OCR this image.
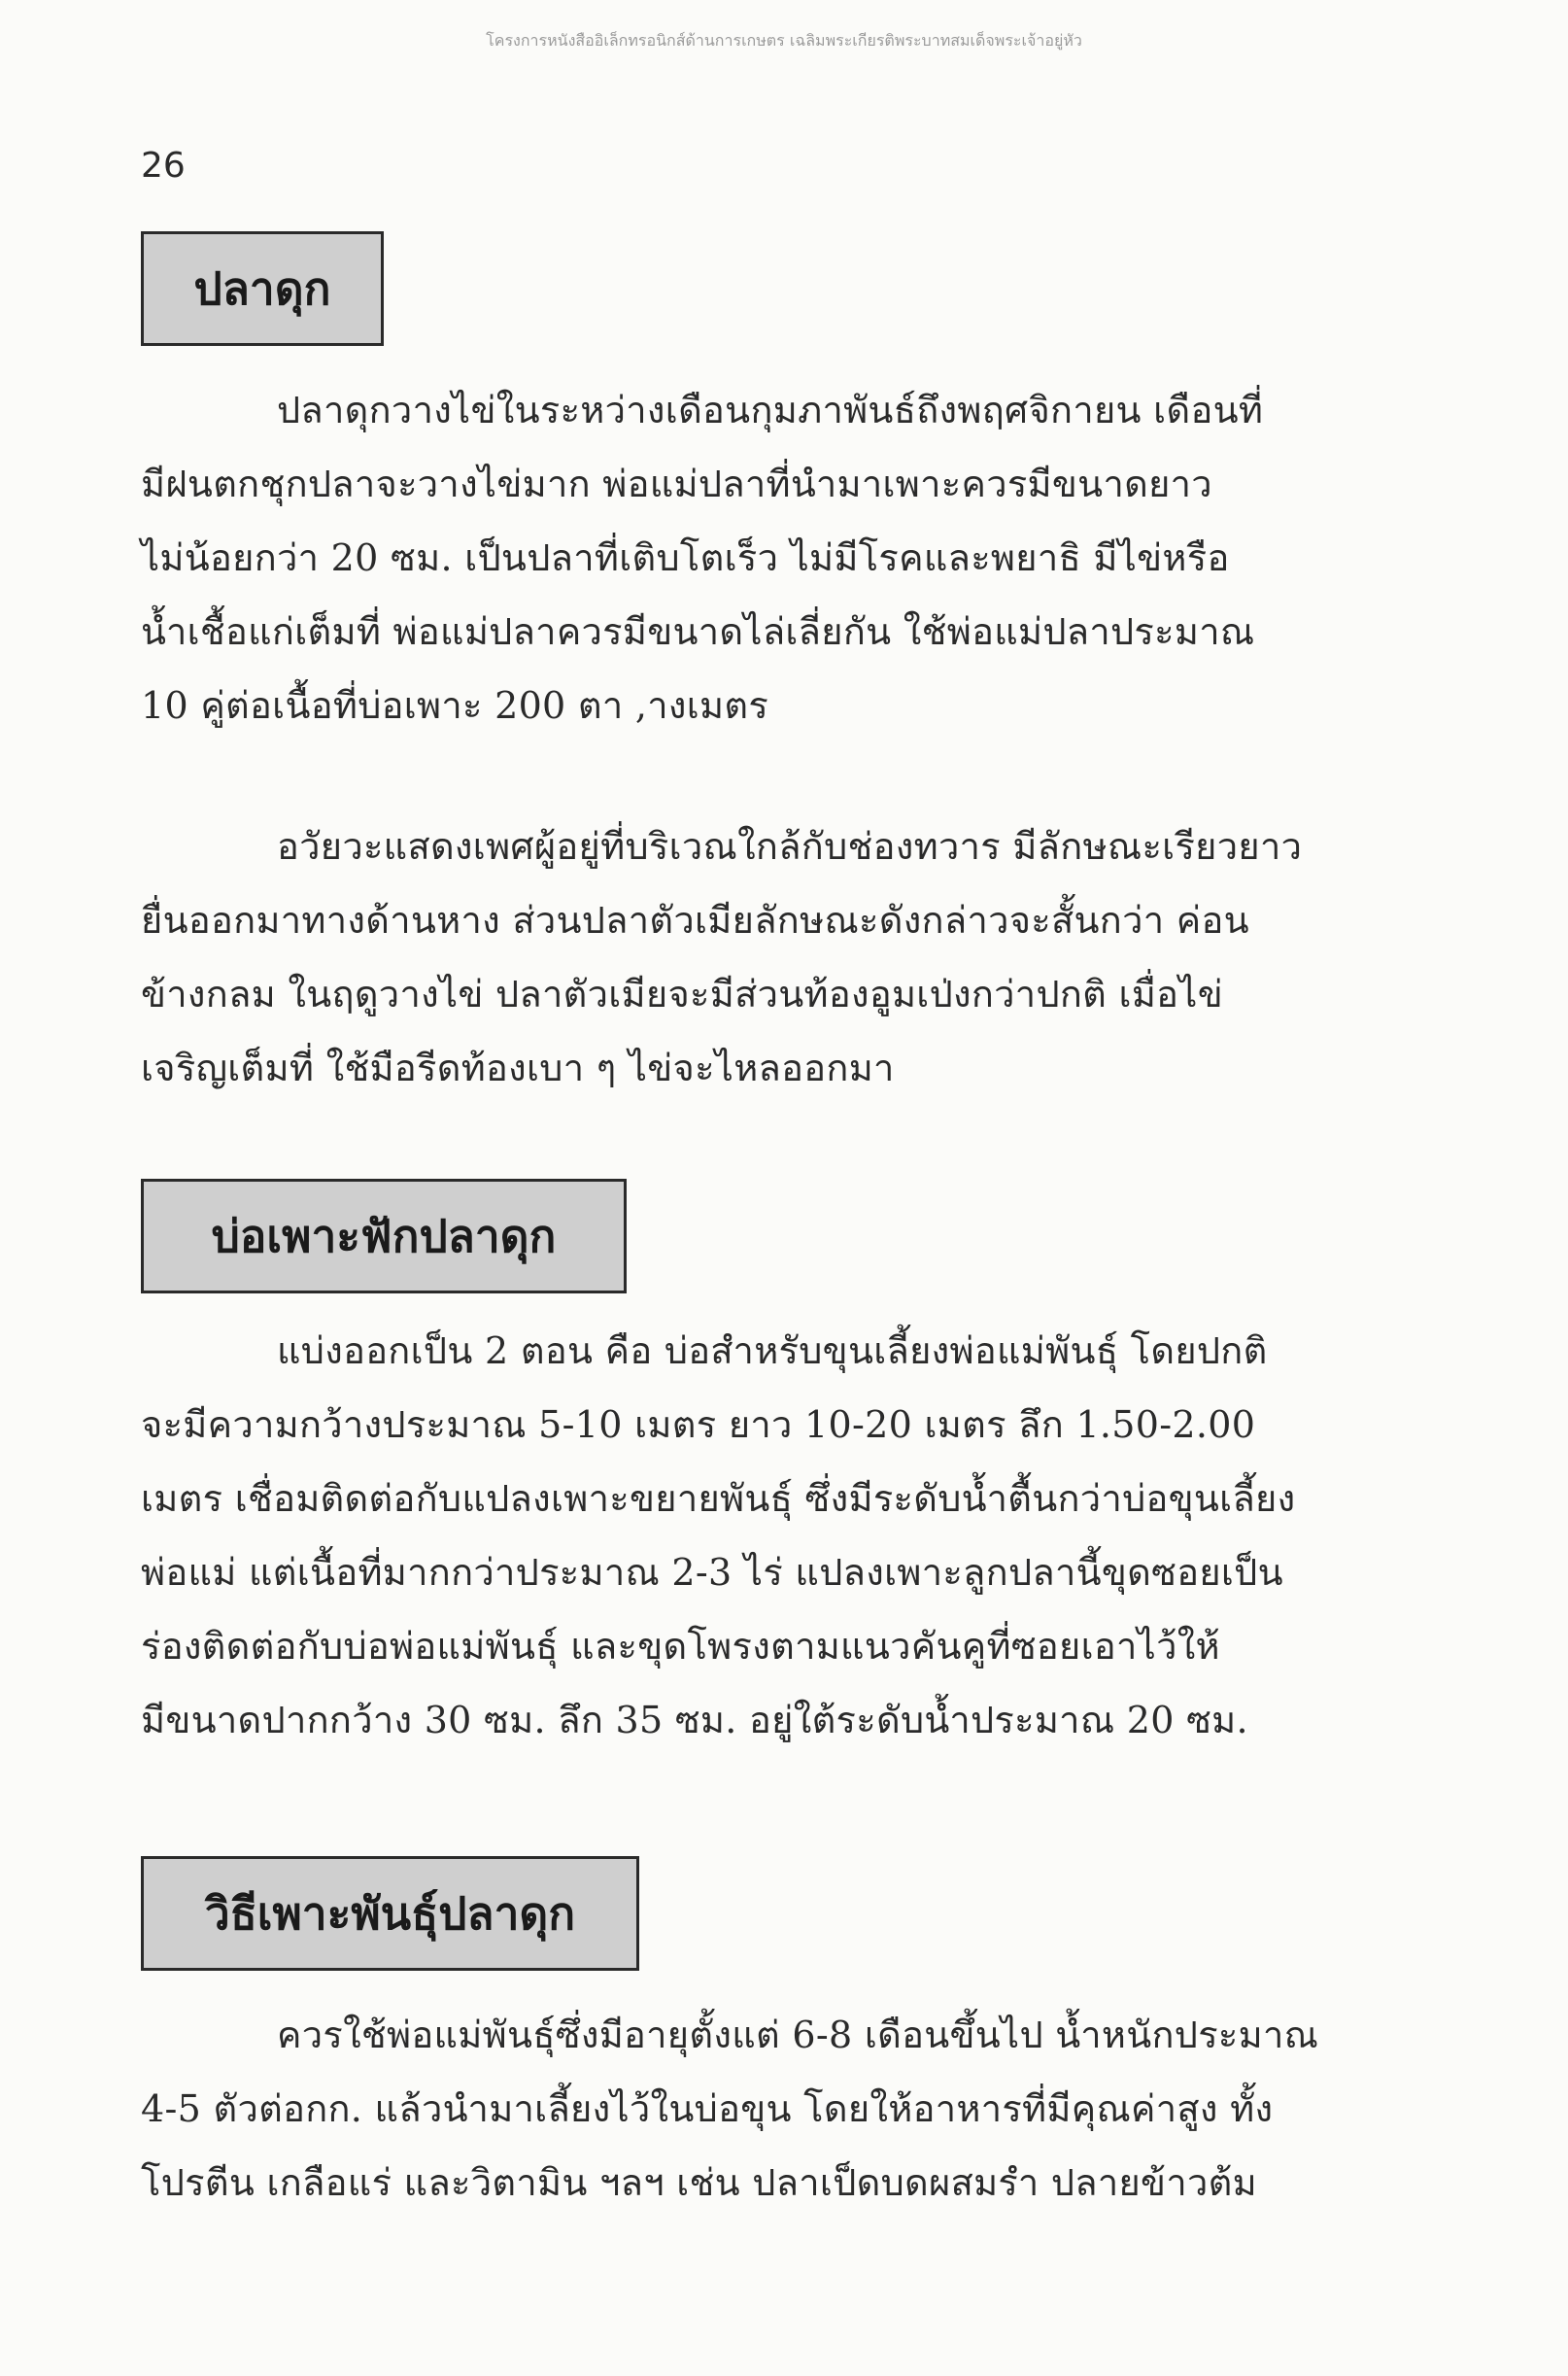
โครงการหนังสืออิเล็กทรอนิกส์ด้านการเกษตร เฉลิมพระเกียรติพระบาทสมเด็จพระเจ้าอยู่หัว
26
ปลาดุก
ปลาดุกวางไข่ในระหว่างเดือนกุมภาพันธ์ถึงพฤศจิกายน เดือนที่
มีฝนตกชุกปลาจะวางไข่มาก พ่อแม่ปลาที่นำมาเพาะควรมีขนาดยาว
ไม่น้อยกว่า 20 ซม. เป็นปลาที่เติบโตเร็ว ไม่มีโรคและพยาธิ มีไข่หรือ
น้ำเชื้อแก่เต็มที่ พ่อแม่ปลาควรมีขนาดไล่เลี่ยกัน ใช้พ่อแม่ปลาประมาณ
10 คู่ต่อเนื้อที่บ่อเพาะ 200 ตา ,างเมตร
อวัยวะแสดงเพศผู้อยู่ที่บริเวณใกล้กับช่องทวาร มีลักษณะเรียวยาว
ยื่นออกมาทางด้านหาง ส่วนปลาตัวเมียลักษณะดังกล่าวจะสั้นกว่า ค่อน
ข้างกลม ในฤดูวางไข่ ปลาตัวเมียจะมีส่วนท้องอูมเป่งกว่าปกติ เมื่อไข่
เจริญเต็มที่ ใช้มือรีดท้องเบา ๆ ไข่จะไหลออกมา
บ่อเพาะฟักปลาดุก
แบ่งออกเป็น 2 ตอน คือ บ่อสำหรับขุนเลี้ยงพ่อแม่พันธุ์ โดยปกติ
จะมีความกว้างประมาณ 5-10 เมตร ยาว 10-20 เมตร ลึก 1.50-2.00
เมตร เชื่อมติดต่อกับแปลงเพาะขยายพันธุ์ ซึ่งมีระดับน้ำตื้นกว่าบ่อขุนเลี้ยง
พ่อแม่ แต่เนื้อที่มากกว่าประมาณ 2-3 ไร่ แปลงเพาะลูกปลานี้ขุดซอยเป็น
ร่องติดต่อกับบ่อพ่อแม่พันธุ์ และขุดโพรงตามแนวคันคูที่ซอยเอาไว้ให้
มีขนาดปากกว้าง 30 ซม. ลึก 35 ซม. อยู่ใต้ระดับน้ำประมาณ 20 ซม.
วิธีเพาะพันธุ์ปลาดุก
ควรใช้พ่อแม่พันธุ์ซึ่งมีอายุตั้งแต่ 6-8 เดือนขึ้นไป น้ำหนักประมาณ
4-5 ตัวต่อกก. แล้วนำมาเลี้ยงไว้ในบ่อขุน โดยให้อาหารที่มีคุณค่าสูง ทั้ง
โปรตีน เกลือแร่ และวิตามิน ฯลฯ เช่น ปลาเป็ดบดผสมรำ ปลายข้าวต้ม
